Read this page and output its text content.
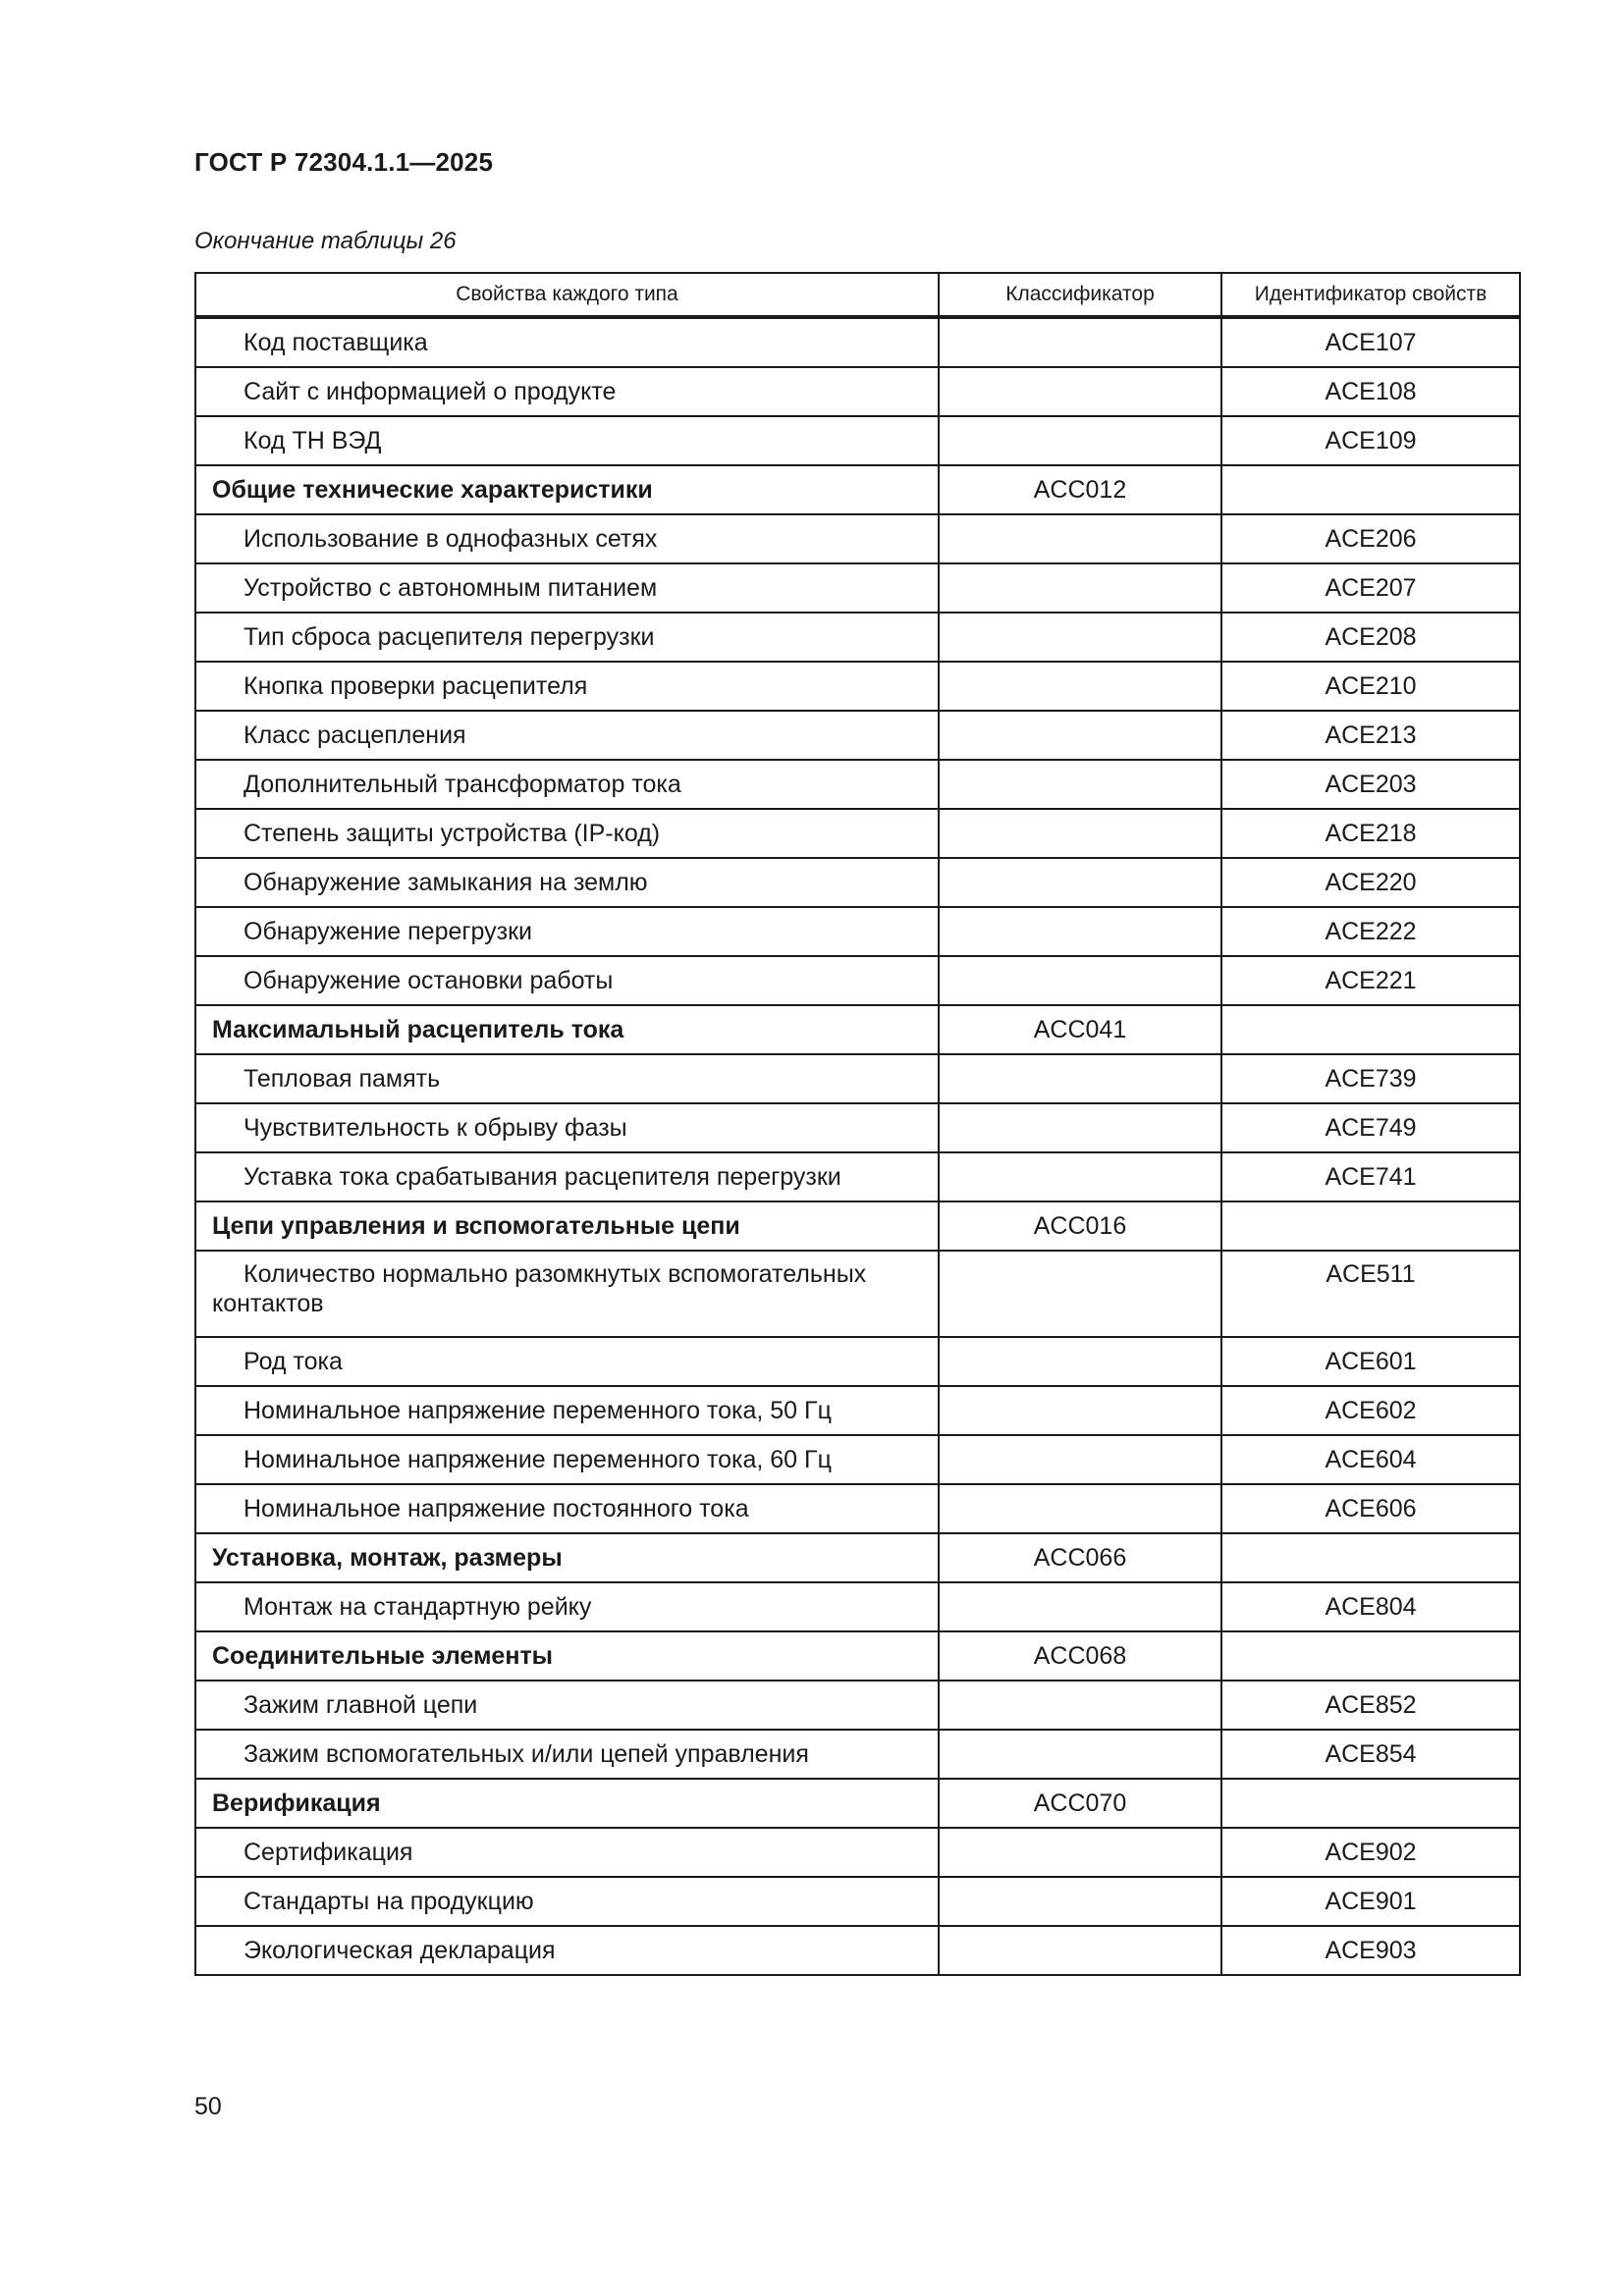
ГОСТ Р 72304.1.1—2025
Окончание таблицы 26
Свойства каждого типа	Классификатор	Идентификатор свойств
Код поставщика		ACE107
Сайт с информацией о продукте		ACE108
Код ТН ВЭД		ACE109
Общие технические характеристики	ACC012	
Использование в однофазных сетях		ACE206
Устройство с автономным питанием		ACE207
Тип сброса расцепителя перегрузки		ACE208
Кнопка проверки расцепителя		ACE210
Класс расцепления		ACE213
Дополнительный трансформатор тока		ACE203
Степень защиты устройства (IP-код)		ACE218
Обнаружение замыкания на землю		ACE220
Обнаружение перегрузки		ACE222
Обнаружение остановки работы		ACE221
Максимальный расцепитель тока	ACC041	
Тепловая память		ACE739
Чувствительность к обрыву фазы		ACE749
Уставка тока срабатывания расцепителя перегрузки		ACE741
Цепи управления и вспомогательные цепи	ACC016	
Количество нормально разомкнутых вспомогательных
контактов		ACE511
Род тока		ACE601
Номинальное напряжение переменного тока, 50 Гц		ACE602
Номинальное напряжение переменного тока, 60 Гц		ACE604
Номинальное напряжение постоянного тока		ACE606
Установка, монтаж, размеры	ACC066	
Монтаж на стандартную рейку		ACE804
Соединительные элементы	ACC068	
Зажим главной цепи		ACE852
Зажим вспомогательных и/или цепей управления		ACE854
Верификация	ACC070	
Сертификация		ACE902
Стандарты на продукцию		ACE901
Экологическая декларация		ACE903
50
